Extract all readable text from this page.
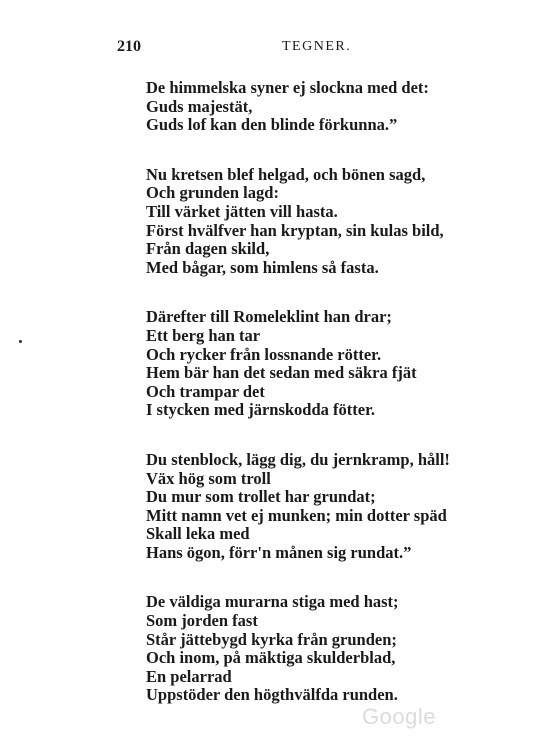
210	TEGNER.
De himmelska syner ej slockna med det:
Guds majestät,
Guds lof kan den blinde förkunna.”
Nu kretsen blef helgad, och bönen sagd,
Och grunden lagd:
Till värket jätten vill hasta.
Först hvälfver han kryptan, sin kulas bild,
Från dagen skild,
Med bågar, som himlens så fasta.
Därefter till Romeleklint han drar;
Ett berg han tar
Och rycker från lossnande rötter.
Hem bär han det sedan med säkra fjät
Och trampar det
I stycken med järnskodda fötter.
Du stenblock, lägg dig, du jernkramp, håll!
Väx hög som troll
Du mur som trollet har grundat;
Mitt namn vet ej munken; min dotter späd
Skall leka med
Hans ögon, förr'n månen sig rundat.”
De väldiga murarna stiga med hast;
Som jorden fast
Står jättebygd kyrka från grunden;
Och inom, på mäktiga skulderblad,
En pelarrad
Uppstöder den högthvälfda runden.
Google
